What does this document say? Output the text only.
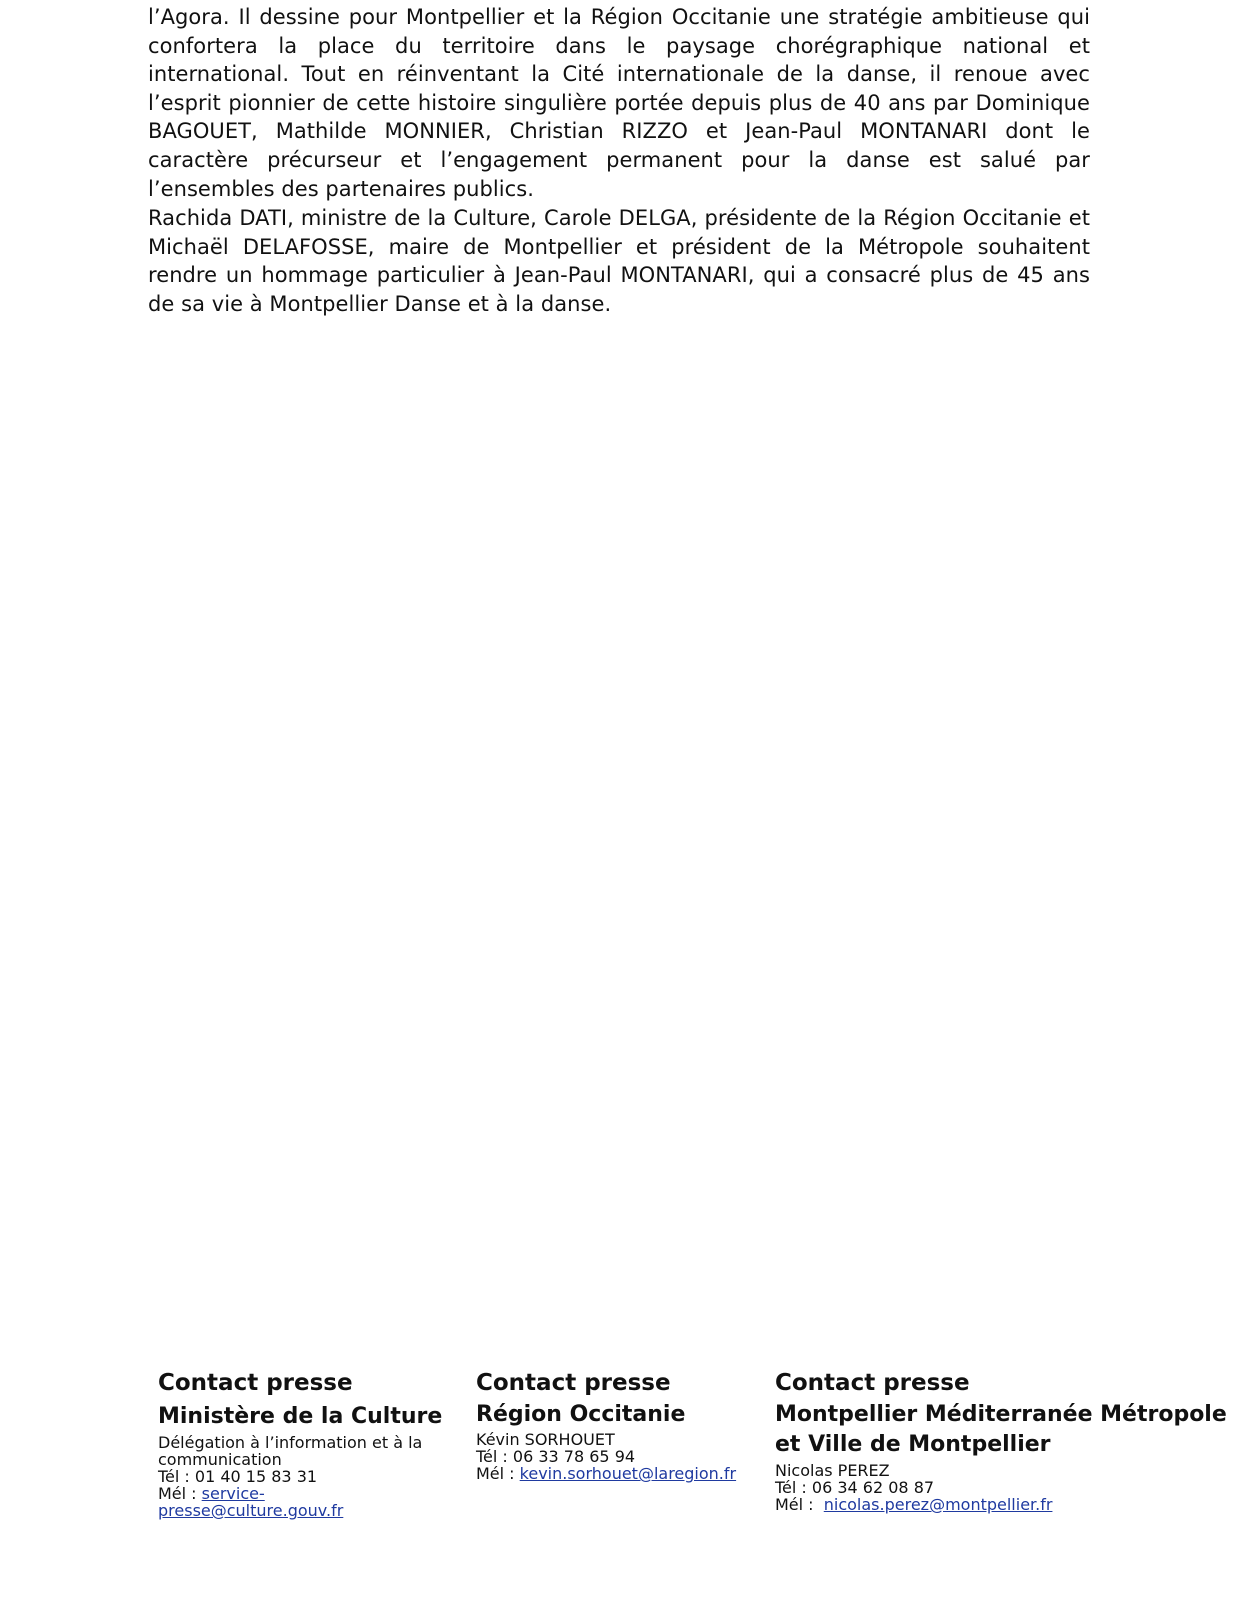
l’Agora. Il dessine pour Montpellier et la Région Occitanie une stratégie ambitieuse qui confortera la place du territoire dans le paysage chorégraphique national et international. Tout en réinventant la Cité internationale de la danse, il renoue avec l’esprit pionnier de cette histoire singulière portée depuis plus de 40 ans par Dominique BAGOUET, Mathilde MONNIER, Christian RIZZO et Jean-Paul MONTANARI dont le caractère précurseur et l’engagement permanent pour la danse est salué par l’ensembles des partenaires publics.

Rachida DATI, ministre de la Culture, Carole DELGA, présidente de la Région Occitanie et Michaël DELAFOSSE, maire de Montpellier et président de la Métropole souhaitent rendre un hommage particulier à Jean-Paul MONTANARI, qui a consacré plus de 45 ans de sa vie à Montpellier Danse et à la danse.

Contact presse
Ministère de la Culture
Délégation à l’information et à la
communication
Tél : 01 40 15 83 31
Mél : service-presse@culture.gouv.fr
Contact presse
Région Occitanie
Kévin SORHOUET
Tél : 06 33 78 65 94
Mél : kevin.sorhouet@laregion.fr
Contact presse
Montpellier Méditerranée Métropole
et Ville de Montpellier
Nicolas PEREZ
Tél : 06 34 62 08 87
Mél :  nicolas.perez@montpellier.fr
